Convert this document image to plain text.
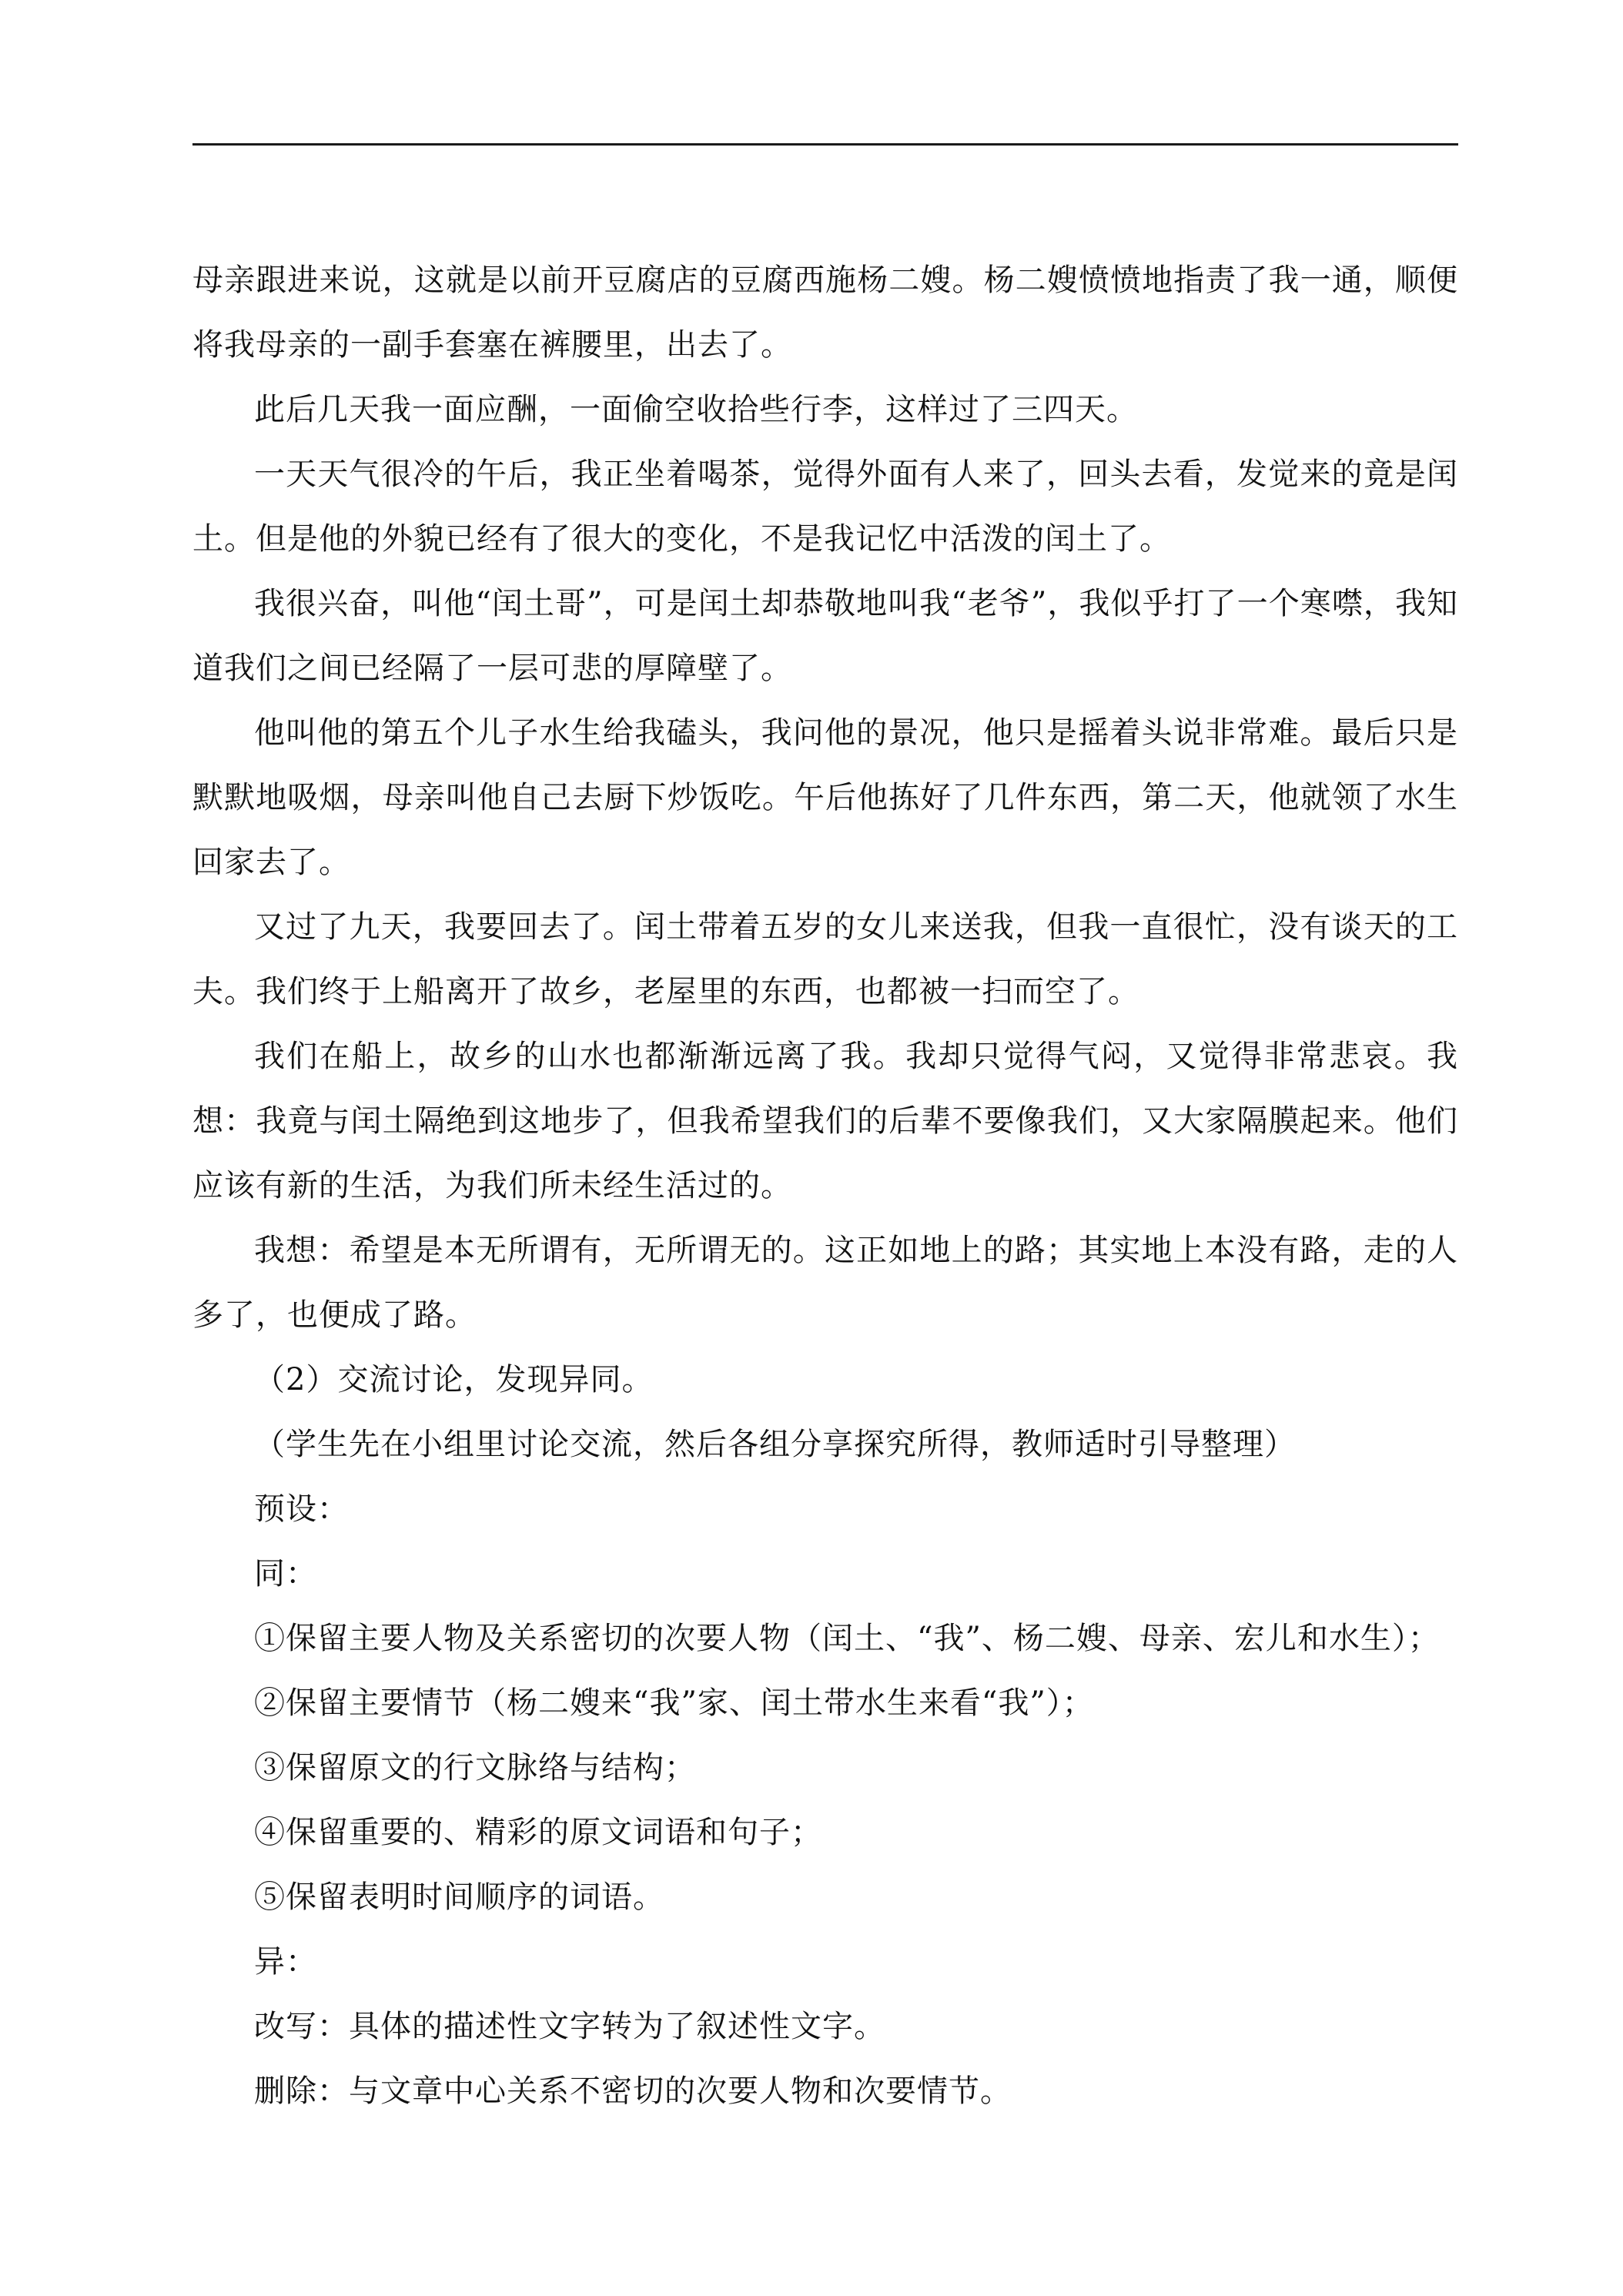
母亲跟进来说，这就是以前开豆腐店的豆腐西施杨二嫂。杨二嫂愤愤地指责了我一通，顺便将我母亲的一副手套塞在裤腰里，出去了。

此后几天我一面应酬，一面偷空收拾些行李，这样过了三四天。

一天天气很冷的午后，我正坐着喝茶，觉得外面有人来了，回头去看，发觉来的竟是闰土。但是他的外貌已经有了很大的变化，不是我记忆中活泼的闰土了。

我很兴奋，叫他“闰土哥”，可是闰土却恭敬地叫我“老爷”，我似乎打了一个寒噤，我知道我们之间已经隔了一层可悲的厚障壁了。

他叫他的第五个儿子水生给我磕头，我问他的景况，他只是摇着头说非常难。最后只是默默地吸烟，母亲叫他自己去厨下炒饭吃。午后他拣好了几件东西，第二天，他就领了水生回家去了。

又过了九天，我要回去了。闰土带着五岁的女儿来送我，但我一直很忙，没有谈天的工夫。我们终于上船离开了故乡，老屋里的东西，也都被一扫而空了。

我们在船上，故乡的山水也都渐渐远离了我。我却只觉得气闷，又觉得非常悲哀。我想：我竟与闰土隔绝到这地步了，但我希望我们的后辈不要像我们，又大家隔膜起来。他们应该有新的生活，为我们所未经生活过的。

我想：希望是本无所谓有，无所谓无的。这正如地上的路；其实地上本没有路，走的人多了，也便成了路。

（2）交流讨论，发现异同。

（学生先在小组里讨论交流，然后各组分享探究所得，教师适时引导整理）

预设：

同：

①保留主要人物及关系密切的次要人物（闰土、“我”、杨二嫂、母亲、宏儿和水生）；

②保留主要情节（杨二嫂来“我”家、闰土带水生来看“我”）；

③保留原文的行文脉络与结构；

④保留重要的、精彩的原文词语和句子；

⑤保留表明时间顺序的词语。

异：

改写：具体的描述性文字转为了叙述性文字。

删除：与文章中心关系不密切的次要人物和次要情节。
